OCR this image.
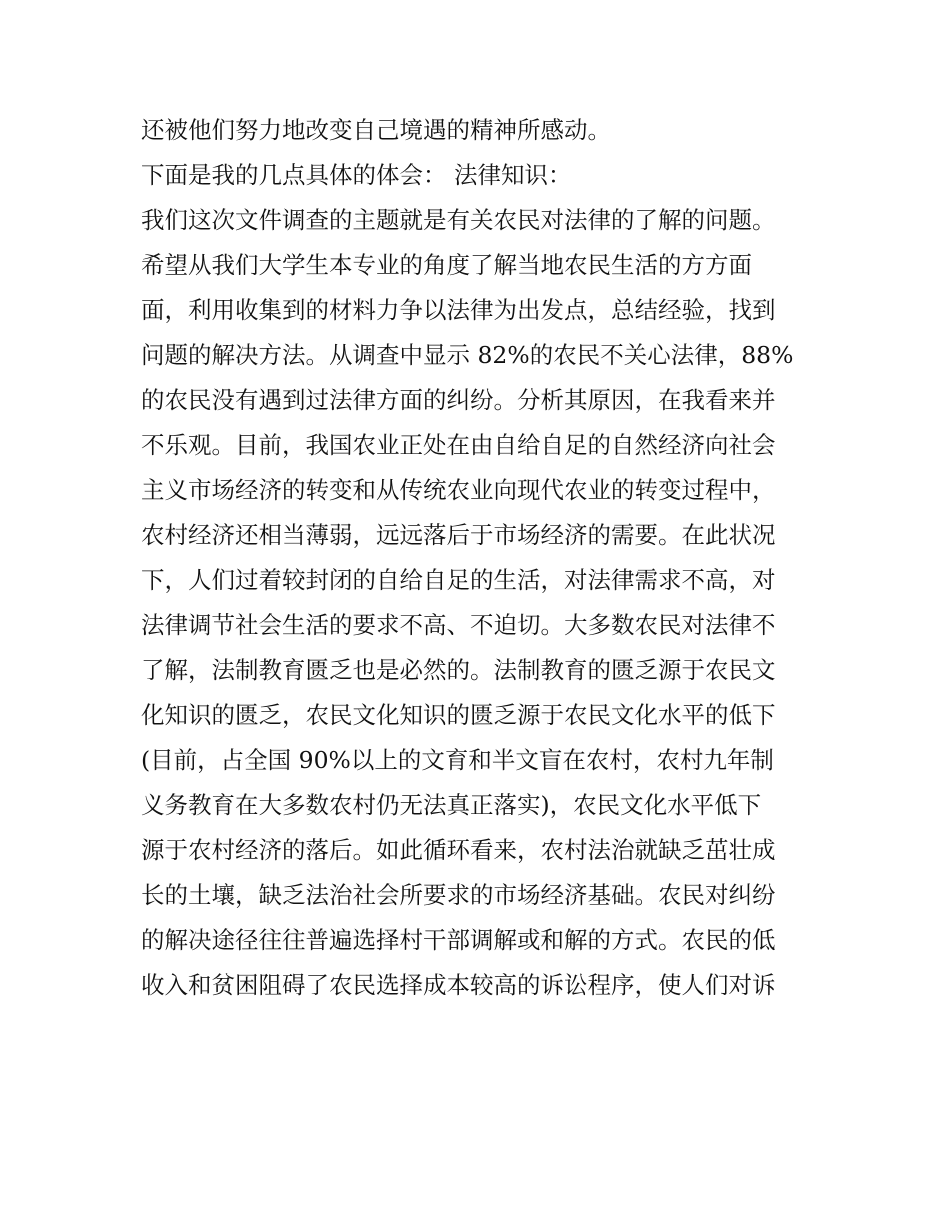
还被他们努力地改变自己境遇的精神所感动。
下面是我的几点具体的体会： 法律知识：
我们这次文件调查的主题就是有关农民对法律的了解的问题。
希望从我们大学生本专业的角度了解当地农民生活的方方面
面，利用收集到的材料力争以法律为出发点，总结经验，找到
问题的解决方法。从调查中显示 82%的农民不关心法律，88%
的农民没有遇到过法律方面的纠纷。分析其原因，在我看来并
不乐观。目前，我国农业正处在由自给自足的自然经济向社会
主义市场经济的转变和从传统农业向现代农业的转变过程中，
农村经济还相当薄弱，远远落后于市场经济的需要。在此状况
下，人们过着较封闭的自给自足的生活，对法律需求不高，对
法律调节社会生活的要求不高、不迫切。大多数农民对法律不
了解，法制教育匮乏也是必然的。法制教育的匮乏源于农民文
化知识的匮乏，农民文化知识的匮乏源于农民文化水平的低下
(目前，占全国 90%以上的文育和半文盲在农村，农村九年制
义务教育在大多数农村仍无法真正落实)，农民文化水平低下
源于农村经济的落后。如此循环看来，农村法治就缺乏茁壮成
长的土壤，缺乏法治社会所要求的市场经济基础。农民对纠纷
的解决途径往往普遍选择村干部调解或和解的方式。农民的低
收入和贫困阻碍了农民选择成本较高的诉讼程序，使人们对诉
